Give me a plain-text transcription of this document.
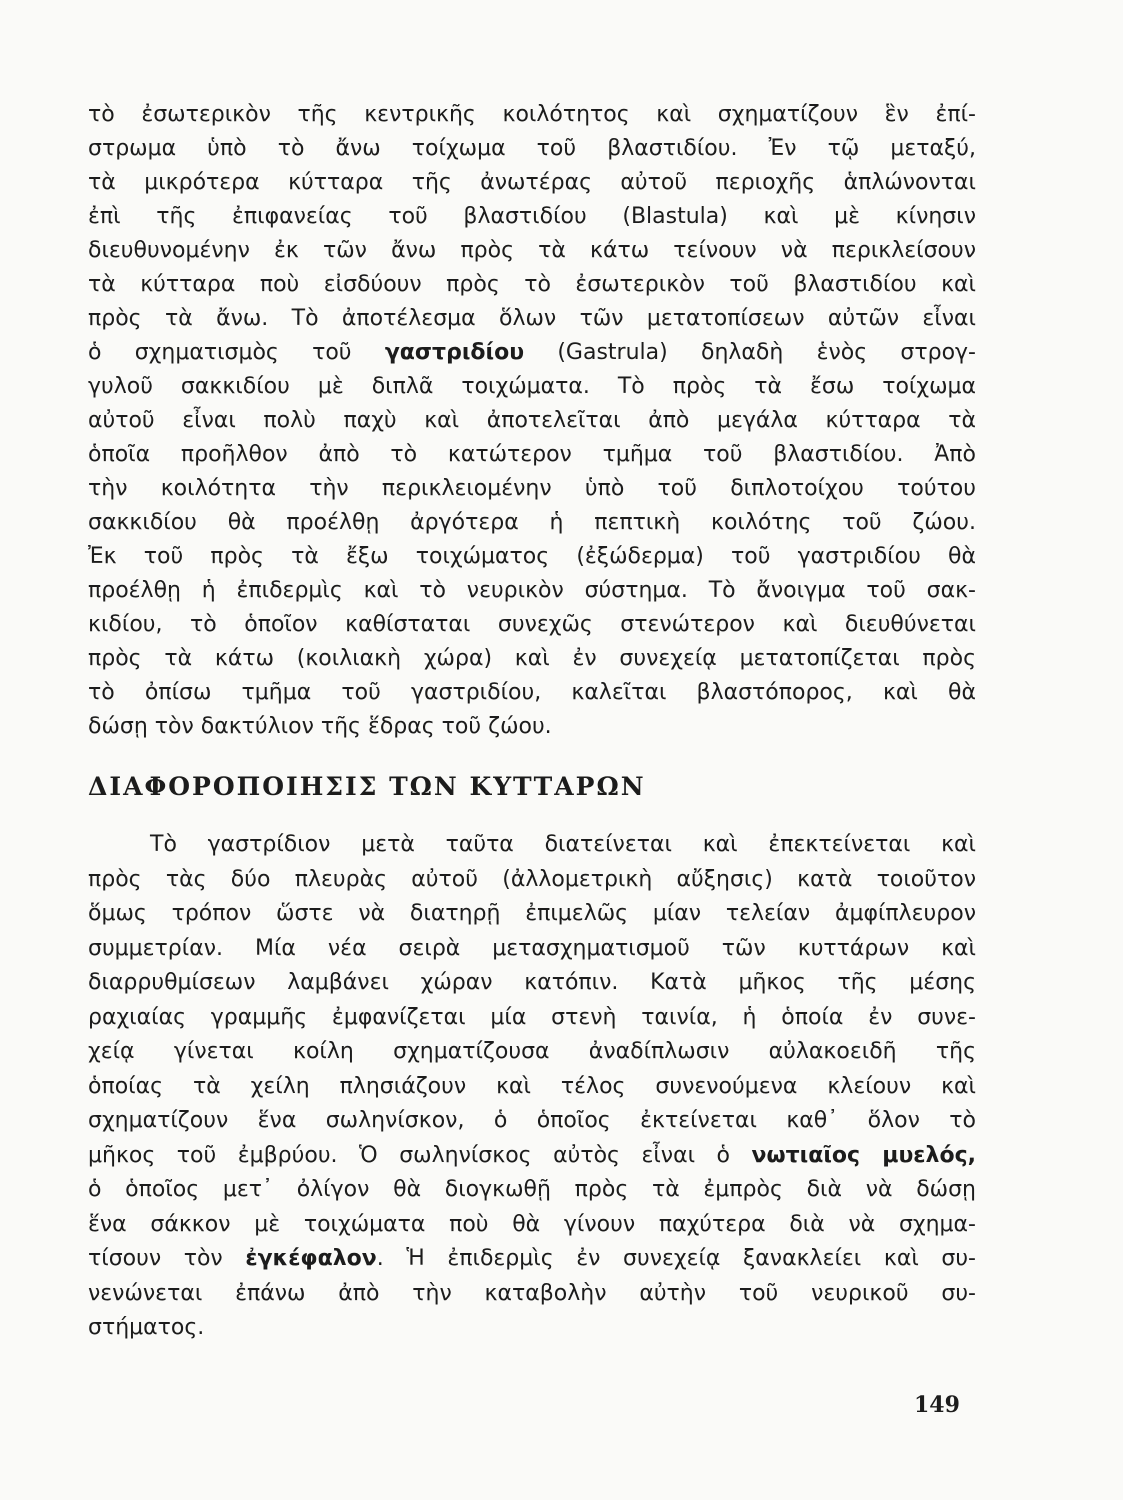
τὸ ἐσωτερικὸν τῆς κεντρικῆς κοιλότητος καὶ σχηματίζουν ἓν ἐπί-
στρωμα ὑπὸ τὸ ἄνω τοίχωμα τοῦ βλαστιδίου. Ἐν τῷ μεταξύ,
τὰ μικρότερα κύτταρα τῆς ἀνωτέρας αὐτοῦ περιοχῆς ἁπλώνονται
ἐπὶ τῆς ἐπιφανείας τοῦ βλαστιδίου (Blastula) καὶ μὲ κίνησιν
διευθυνομένην ἐκ τῶν ἄνω πρὸς τὰ κάτω τείνουν νὰ περικλείσουν
τὰ κύτταρα ποὺ εἰσδύουν πρὸς τὸ ἐσωτερικὸν τοῦ βλαστιδίου καὶ
πρὸς τὰ ἄνω. Τὸ ἀποτέλεσμα ὅλων τῶν μετατοπίσεων αὐτῶν εἶναι
ὁ σχηματισμὸς τοῦ γαστριδίου (Gastrula) δηλαδὴ ἑνὸς στρογ-
γυλοῦ σακκιδίου μὲ διπλᾶ τοιχώματα. Τὸ πρὸς τὰ ἔσω τοίχωμα
αὐτοῦ εἶναι πολὺ παχὺ καὶ ἀποτελεῖται ἀπὸ μεγάλα κύτταρα τὰ
ὁποῖα προῆλθον ἀπὸ τὸ κατώτερον τμῆμα τοῦ βλαστιδίου. Ἀπὸ
τὴν κοιλότητα τὴν περικλειομένην ὑπὸ τοῦ διπλοτοίχου τούτου
σακκιδίου θὰ προέλθῃ ἀργότερα ἡ πεπτικὴ κοιλότης τοῦ ζώου.
Ἐκ τοῦ πρὸς τὰ ἔξω τοιχώματος (ἐξώδερμα) τοῦ γαστριδίου θὰ
προέλθῃ ἡ ἐπιδερμὶς καὶ τὸ νευρικὸν σύστημα. Τὸ ἄνοιγμα τοῦ σακ-
κιδίου, τὸ ὁποῖον καθίσταται συνεχῶς στενώτερον καὶ διευθύνεται
πρὸς τὰ κάτω (κοιλιακὴ χώρα) καὶ ἐν συνεχείᾳ μετατοπίζεται πρὸς
τὸ ὀπίσω τμῆμα τοῦ γαστριδίου, καλεῖται βλαστόπορος, καὶ θὰ
δώσῃ τὸν δακτύλιον τῆς ἕδρας τοῦ ζώου.
ΔΙΑΦΟΡΟΠΟΙΗΣΙΣ ΤΩΝ ΚΥΤΤΑΡΩΝ
Τὸ γαστρίδιον μετὰ ταῦτα διατείνεται καὶ ἐπεκτείνεται καὶ
πρὸς τὰς δύο πλευρὰς αὐτοῦ (ἀλλομετρικὴ αὔξησις) κατὰ τοιοῦτον
ὅμως τρόπον ὥστε νὰ διατηρῇ ἐπιμελῶς μίαν τελείαν ἀμφίπλευρον
συμμετρίαν. Μία νέα σειρὰ μετασχηματισμοῦ τῶν κυττάρων καὶ
διαρρυθμίσεων λαμβάνει χώραν κατόπιν. Κατὰ μῆκος τῆς μέσης
ραχιαίας γραμμῆς ἐμφανίζεται μία στενὴ ταινία, ἡ ὁποία ἐν συνε-
χείᾳ γίνεται κοίλη σχηματίζουσα ἀναδίπλωσιν αὐλακοειδῆ τῆς
ὁποίας τὰ χείλη πλησιάζουν καὶ τέλος συνενούμενα κλείουν καὶ
σχηματίζουν ἕνα σωληνίσκον, ὁ ὁποῖος ἐκτείνεται καθ᾽ ὅλον τὸ
μῆκος τοῦ ἐμβρύου. Ὁ σωληνίσκος αὐτὸς εἶναι ὁ νωτιαῖος μυελός,
ὁ ὁποῖος μετ᾽ ὀλίγον θὰ διογκωθῇ πρὸς τὰ ἐμπρὸς διὰ νὰ δώσῃ
ἕνα σάκκον μὲ τοιχώματα ποὺ θὰ γίνουν παχύτερα διὰ νὰ σχημα-
τίσουν τὸν ἐγκέφαλον. Ἡ ἐπιδερμὶς ἐν συνεχείᾳ ξανακλείει καὶ συ-
νενώνεται ἐπάνω ἀπὸ τὴν καταβολὴν αὐτὴν τοῦ νευρικοῦ συ-
στήματος.
149
